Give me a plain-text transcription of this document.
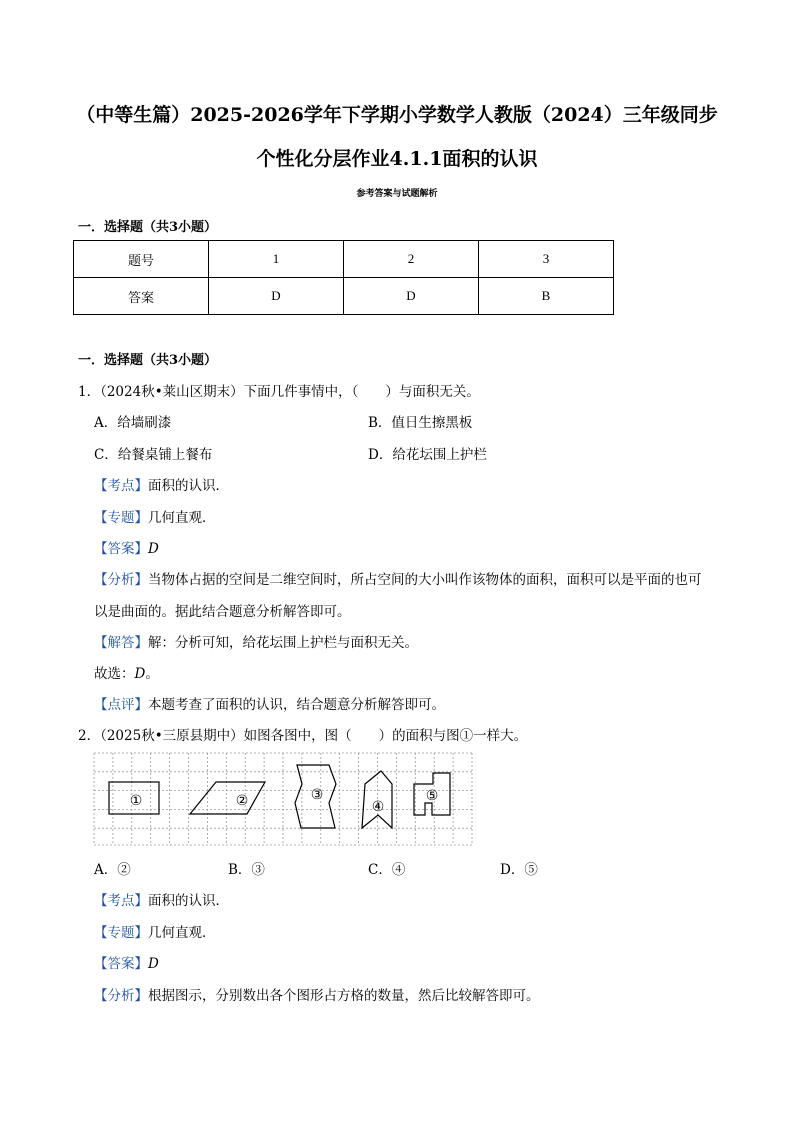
（中等生篇）2025-2026学年下学期小学数学人教版（2024）三年级同步
个性化分层作业4.1.1面积的认识
参考答案与试题解析
一．选择题（共3小题）
题号	1	2	3
答案	D	D	B
一．选择题（共3小题）
1．（2024秋•莱山区期末）下面几件事情中，（　　）与面积无关。
A．给墙刷漆	B．值日生擦黑板
C．给餐桌铺上餐布	D．给花坛围上护栏
【考点】面积的认识．
【专题】几何直观．
【答案】D
【分析】当物体占据的空间是二维空间时，所占空间的大小叫作该物体的面积，面积可以是平面的也可
以是曲面的。据此结合题意分析解答即可。
【解答】解：分析可知，给花坛围上护栏与面积无关。
故选：D。
【点评】本题考查了面积的认识，结合题意分析解答即可。
2．（2025秋•三原县期中）如图各图中，图（　　）的面积与图①一样大。
①	②	③
④
⑤
A．②	B．③	C．④	D．⑤
【考点】面积的认识．
【专题】几何直观．
【答案】D
【分析】根据图示，分别数出各个图形占方格的数量，然后比较解答即可。
